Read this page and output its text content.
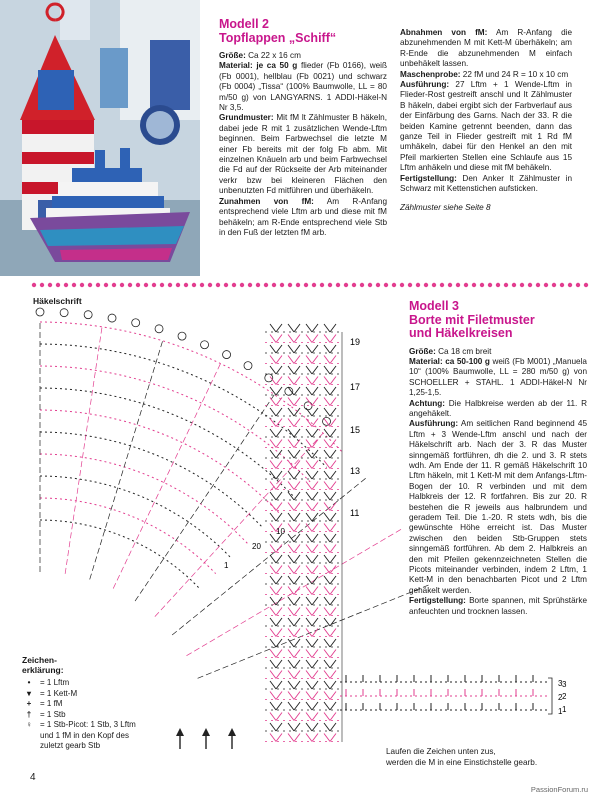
Modell 2
Topflappen „Schiff“

Größe: Ca 22 x 16 cm

Material: je ca 50 g flieder (Fb 0166), weiß (Fb 0001), hellblau (Fb 0021) und schwarz (Fb 0004) „Tissa“ (100% Baumwolle, LL = 80 m/50 g) von LANGYARNS. 1 ADDI-Häkel-N Nr 3,5.

Grundmuster: Mit fM lt Zählmuster B häkeln, dabei jede R mit 1 zusätzlichen Wende-Lftm beginnen. Beim Farbwechsel die letzte M einer Fb bereits mit der folg Fb abm. Mit einzelnen Knäueln arb und beim Farbwechsel die Fd auf der Rückseite der Arb miteinander verkr bzw bei kleineren Flächen den unbenutzten Fd mitführen und überhäkeln.

Zunahmen von fM: Am R-Anfang entsprechend viele Lftm arb und diese mit fM behäkeln; am R-Ende entsprechend viele Stb in den Fuß der letzten fM arb.

Abnahmen von fM: Am R-Anfang die abzunehmenden M mit Kett-M überhäkeln; am R-Ende die abzunehmenden M einfach unbehäkelt lassen.

Maschenprobe: 22 fM und 24 R = 10 x 10 cm

Ausführung: 27 Lftm + 1 Wende-Lftm in Flieder-Rost gestreift anschl und lt Zählmuster B häkeln, dabei ergibt sich der Farbverlauf aus der Einfärbung des Garns. Nach der 33. R die beiden Kamine getrennt beenden, dann das ganze Teil in Flieder gestreift mit 1 Rd fM umhäkeln, dabei für den Henkel an den mit Pfeil markierten Stellen eine Schlaufe aus 15 Lftm anhäkeln und diese mit fM behäkeln.

Fertigstellung: Den Anker lt Zählmuster in Schwarz mit Kettenstichen aufsticken.

Zählmuster siehe Seite 8

Häkelschrift
19
17
15
13
11
10
20
1
3
2
1
3
2
1
Modell 3
Borte mit Filetmuster
und Häkelkreisen

Größe: Ca 18 cm breit

Material: ca 50-100 g weiß (Fb M001) „Manuela 10“ (100% Baumwolle, LL = 280 m/50 g) von SCHOELLER + STAHL. 1 ADDI-Häkel-N Nr 1,25-1,5.

Achtung: Die Halbkreise werden ab der 11. R angehäkelt.

Ausführung: Am seitlichen Rand beginnend 45 Lftm + 3 Wende-Lftm anschl und nach der Häkelschrift arb. Nach der 3. R das Muster sinngemäß fortführen, dh die 2. und 3. R stets wdh. Am Ende der 11. R gemäß Häkelschrift 10 Lftm häkeln, mit 1 Kett-M mit dem Anfangs-Lftm-Bogen der 10. R verbinden und mit dem Halbkreis der 12. R fortfahren. Bis zur 20. R bestehen die R jeweils aus halbrundem und geradem Teil. Die 1.-20. R stets wdh, bis die gewünschte Höhe erreicht ist. Das Muster zwischen den beiden Stb-Gruppen stets sinngemäß fortführen. Ab dem 2. Halbkreis an den mit Pfeilen gekennzeichneten Stellen die Picots miteinander verbinden, indem 2 Lftm, 1 Kett-M in den benachbarten Picot und 2 Lftm gehäkelt werden.

Fertigstellung: Borte spannen, mit Sprühstärke anfeuchten und trocknen lassen.

Zeichen-
erklärung:
•	= 1 Lftm
▾	= 1 Kett-M
+	= 1 fM
†	= 1 Stb
♀	= 1 Stb-Picot: 1 Stb, 3 Lftm
und 1 fM in den Kopf des
zuletzt gearb Stb
Laufen die Zeichen unten zus,
werden die M in eine Einstichstelle gearb.
4
PassionForum.ru
